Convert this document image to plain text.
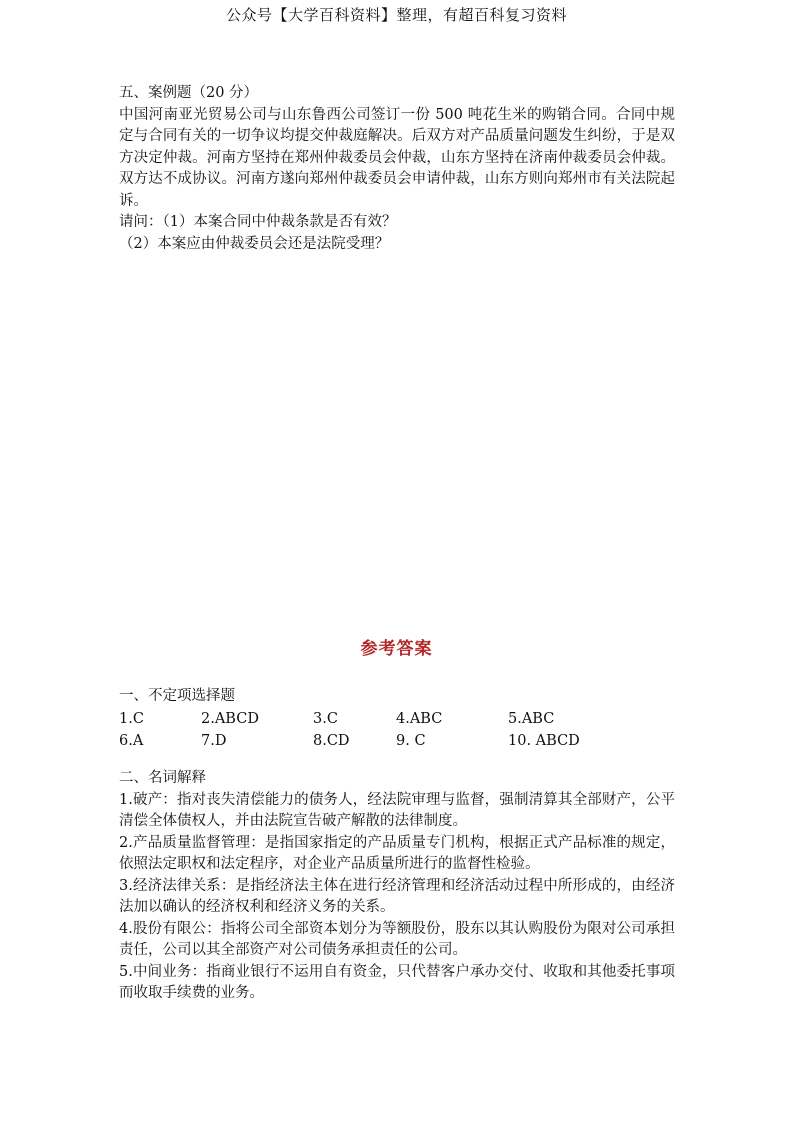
公众号【大学百科资料】整理，有超百科复习资料

五、案例题（20 分）

中国河南亚光贸易公司与山东鲁西公司签订一份 500 吨花生米的购销合同。合同中规定与合同有关的一切争议均提交仲裁庭解决。后双方对产品质量问题发生纠纷，于是双方决定仲裁。河南方坚持在郑州仲裁委员会仲裁，山东方坚持在济南仲裁委员会仲裁。双方达不成协议。河南方遂向郑州仲裁委员会申请仲裁，山东方则向郑州市有关法院起诉。

请问：（1）本案合同中仲裁条款是否有效？

（2）本案应由仲裁委员会还是法院受理？

参考答案

一、不定项选择题

1.C	2.ABCD	3.C	4.ABC	5.ABC
6.A	7.D	8.CD	9. C	10. ABCD

二、名词解释

1.破产：指对丧失清偿能力的债务人，经法院审理与监督，强制清算其全部财产，公平清偿全体债权人，并由法院宣告破产解散的法律制度。

2.产品质量监督管理：是指国家指定的产品质量专门机构，根据正式产品标准的规定，依照法定职权和法定程序，对企业产品质量所进行的监督性检验。

3.经济法律关系：是指经济法主体在进行经济管理和经济活动过程中所形成的，由经济法加以确认的经济权利和经济义务的关系。

4.股份有限公：指将公司全部资本划分为等额股份，股东以其认购股份为限对公司承担责任，公司以其全部资产对公司债务承担责任的公司。

5.中间业务：指商业银行不运用自有资金，只代替客户承办交付、收取和其他委托事项而收取手续费的业务。
